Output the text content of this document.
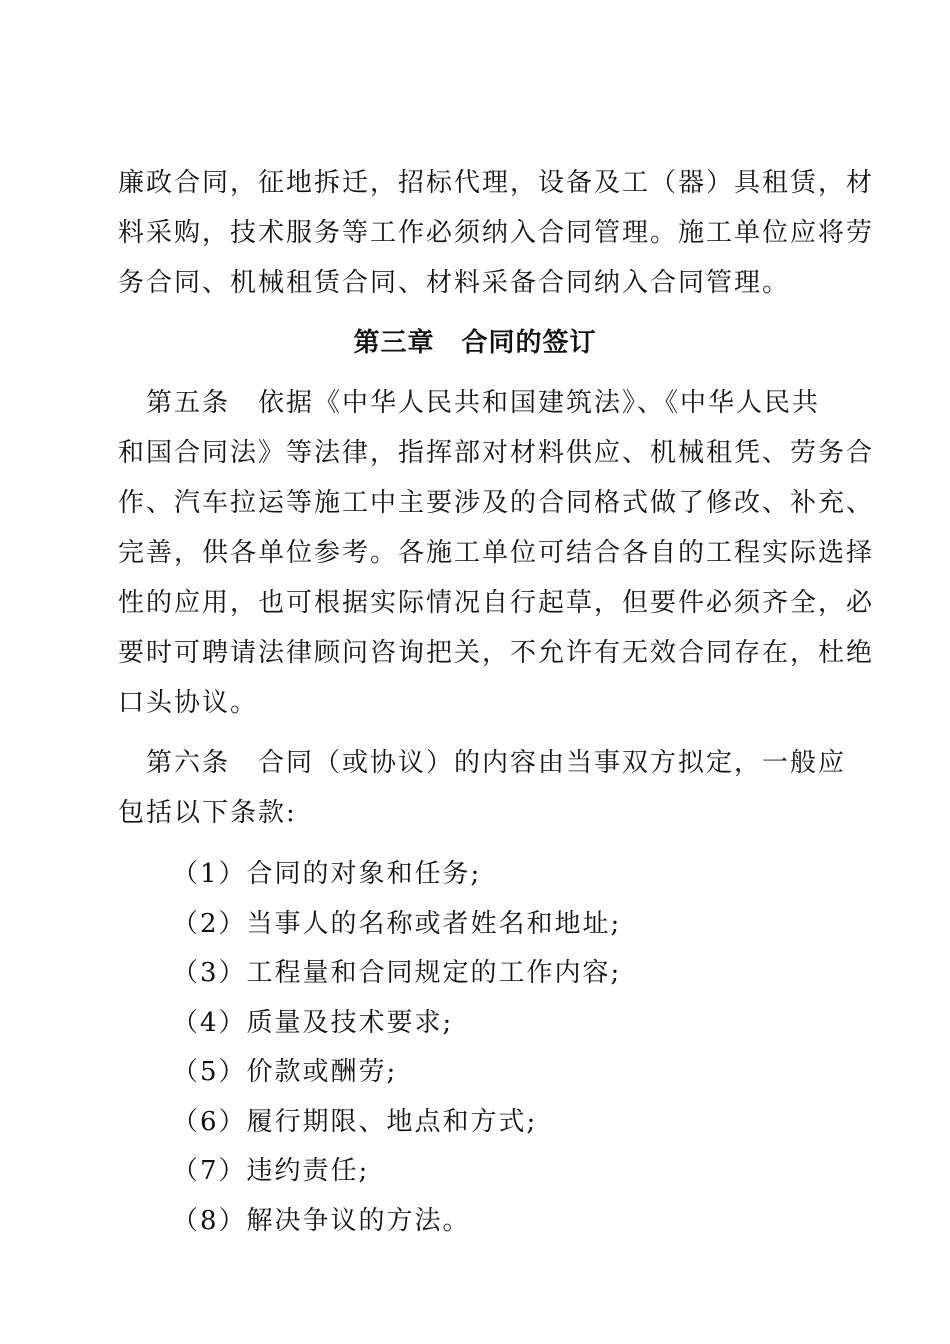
廉政合同，征地拆迁，招标代理，设备及工（器）具租赁，材
料采购，技术服务等工作必须纳入合同管理。施工单位应将劳
务合同、机械租赁合同、材料采备合同纳入合同管理。
第三章　合同的签订
　第五条　依据《中华人民共和国建筑法》、《中华人民共
和国合同法》等法律，指挥部对材料供应、机械租凭、劳务合
作、汽车拉运等施工中主要涉及的合同格式做了修改、补充、
完善，供各单位参考。各施工单位可结合各自的工程实际选择
性的应用，也可根据实际情况自行起草，但要件必须齐全，必
要时可聘请法律顾问咨询把关，不允许有无效合同存在，杜绝
口头协议。
　第六条　合同（或协议）的内容由当事双方拟定，一般应
包括以下条款:
（1）合同的对象和任务;
（2）当事人的名称或者姓名和地址;
（3）工程量和合同规定的工作内容;
（4）质量及技术要求;
（5）价款或酬劳;
（6）履行期限、地点和方式;
（7）违约责任;
（8）解决争议的方法。
